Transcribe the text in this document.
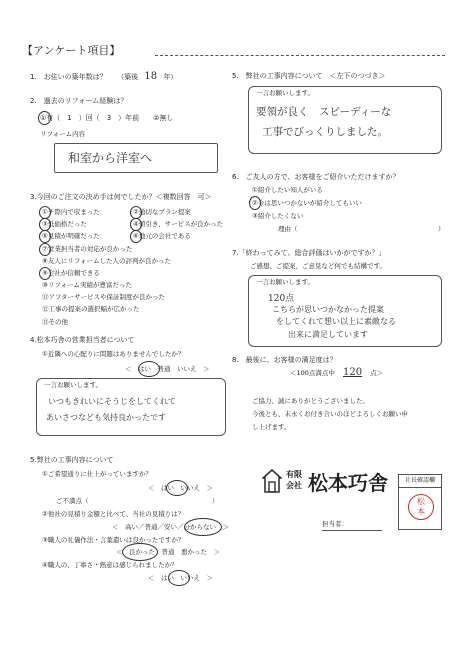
【アンケート項目】
1.　お住いの築年数は？　　（築後 18 年）
2.　過去のリフォーム経験は？
①有（　1　）回（　3　）年前　　②無し
リフォーム内容
和室から洋室へ
3.今回のご注文の決め手は何でしたか？＜複数回答　可＞
①チ際内で収まった	②通切なプラン提案
③低価格だった	④値引き、サービスが良かった
⑤見積が明確だった	⑥地元の会社である
⑦営業担当者の対応が良かった
⑧友人にリフォームした人の評判が良かった
⑨会社が信頼できる
⑩リフォーム実績が豊富だった
⑪アフターサービスや保証制度が良かった
⑫工事の提案の選択幅が広かった
⑬その他
4.松本巧舎の営業担当者について
①近隣への心配りに問題はありませんでしたか？
＜　はい　普通　いいえ　＞
一言お願いします。
いつもきれいにそうじをしてくれて
あいさつなども気持良かったです
5.弊社の工事内容について
①ご希望通りに仕上がっていますか？
＜　はい　いいえ　＞
ご不満点（	）
②他社の見積り金額と比べて、当社の見積りは？
＜　高い／普通／安い／分からない　＞
③職人の礼儀作法・言葉遣いは良かったですか？
＜　良かった　普通　悪かった　＞
④職人の、丁寧さ・熱意は感じられましたか？
＜　はい　いいえ　＞
5.　弊社の工事内容について　＜左下のつづき＞
一言お願いします。
要領が良く　スピーディーな
工事でびっくりしました。
6.　ご友人の方で、お客様をご紹介いただけますか？
①紹介したい知人がいる
②今は思いつかないが紹介してもいい
③紹介したくない
理由（	）
7.「終わってみて、総合評価はいかがですか？」
ご感想、ご提案、ご意見など何でも結構です。
一言お願いします。
120点
こちらが思いつかなかった提案
をしてくれて想い以上に素敵なる
出来に満足しています
8.　最後に、お客様の満足度は？
＜100点満点中 120 点＞
ご協力、誠にありがとうございました。
今後とも、末永くお付き合いのほどよろしくお願い申
し上げます。
有限
会社 松本巧舎
担当者：
社長確認欄
松
本
